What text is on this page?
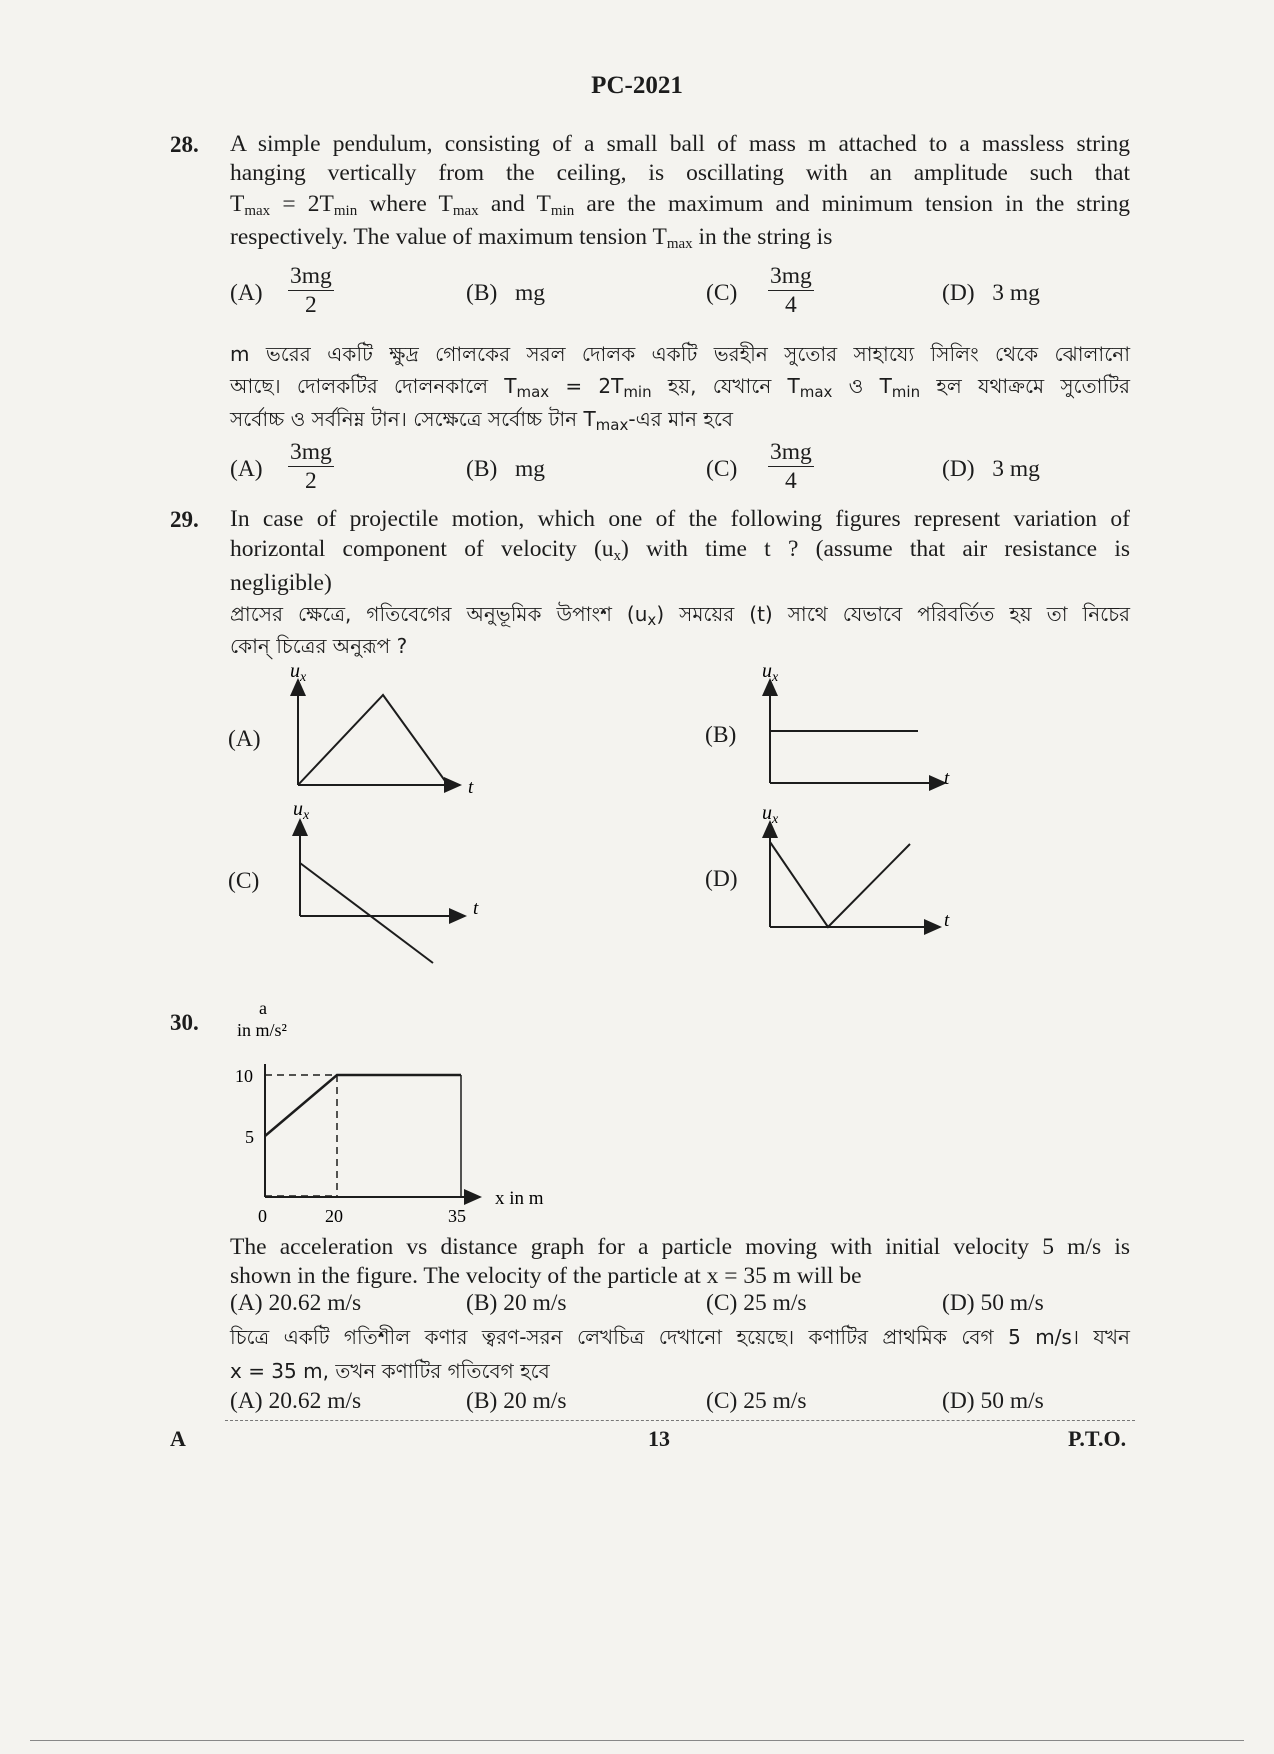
PC-2021
28. A simple pendulum, consisting of a small ball of mass m attached to a massless string
hanging vertically from the ceiling, is oscillating with an amplitude such that
$T_{max} = 2T_{min}$ where $T_{max}$ and $T_{min}$ are the maximum and minimum tension in the string
respectively. The value of maximum tension $T_{max}$ in the string is
$(A) \frac{3mg}{2}$	(B) mg	$(C) \frac{3mg}{4}$	(D) 3 mg
m ভরের একটি ক্ষুদ্র গোলকের সরল দোলক একটি ভরহীন সুতোর সাহায্যে সিলিং থেকে ঝোলানো
আছে। দোলকটির দোলনকালে $T_{max} = 2T_{min}$ হয়, যেখানে $T_{max}$ ও $T_{min}$ হল যথাক্রমে সুতোটির
সর্বোচ্চ ও সর্বনিম্ন টান। সেক্ষেত্রে সর্বোচ্চ টান $T_{max}-এর$ মান হবে
$(A) \frac{3mg}{2}$	(B) mg	$(C) \frac{3mg}{4}$	(D) 3 mg
29. In case of projectile motion, which one of the following figures represent variation of
horizontal component of velocity $(u_x)$ with time t ? (assume that air resistance is
negligible)
প্রাসের ক্ষেত্রে, গতিবেগের অনুভূমিক উপাংশ $(u_x)$ সময়ের (t) সাথে যেভাবে পরিবর্তিত হয় তা নিচের
কোন্ চিত্রের অনুরূপ ?
(A)	(B)
(C)	(D)
$u_x$
t
$u_x$
t
$u_x$
t
$u_x$
t
30.
a
in m/s²
10
5
0	20	35
x in m
The acceleration vs distance graph for a particle moving with initial velocity 5 m/s is
shown in the figure. The velocity of the particle at x = 35 m will be
(A) 20.62 m/s	(B) 20 m/s	(C) 25 m/s	(D) 50 m/s
চিত্রে একটি গতিশীল কণার ত্বরণ-সরন লেখচিত্র দেখানো হয়েছে। কণাটির প্রাথমিক বেগ 5 m/s। যখন
x = 35 m, তখন কণাটির গতিবেগ হবে
(A) 20.62 m/s	(B) 20 m/s	(C) 25 m/s	(D) 50 m/s
A	13	P.T.O.
